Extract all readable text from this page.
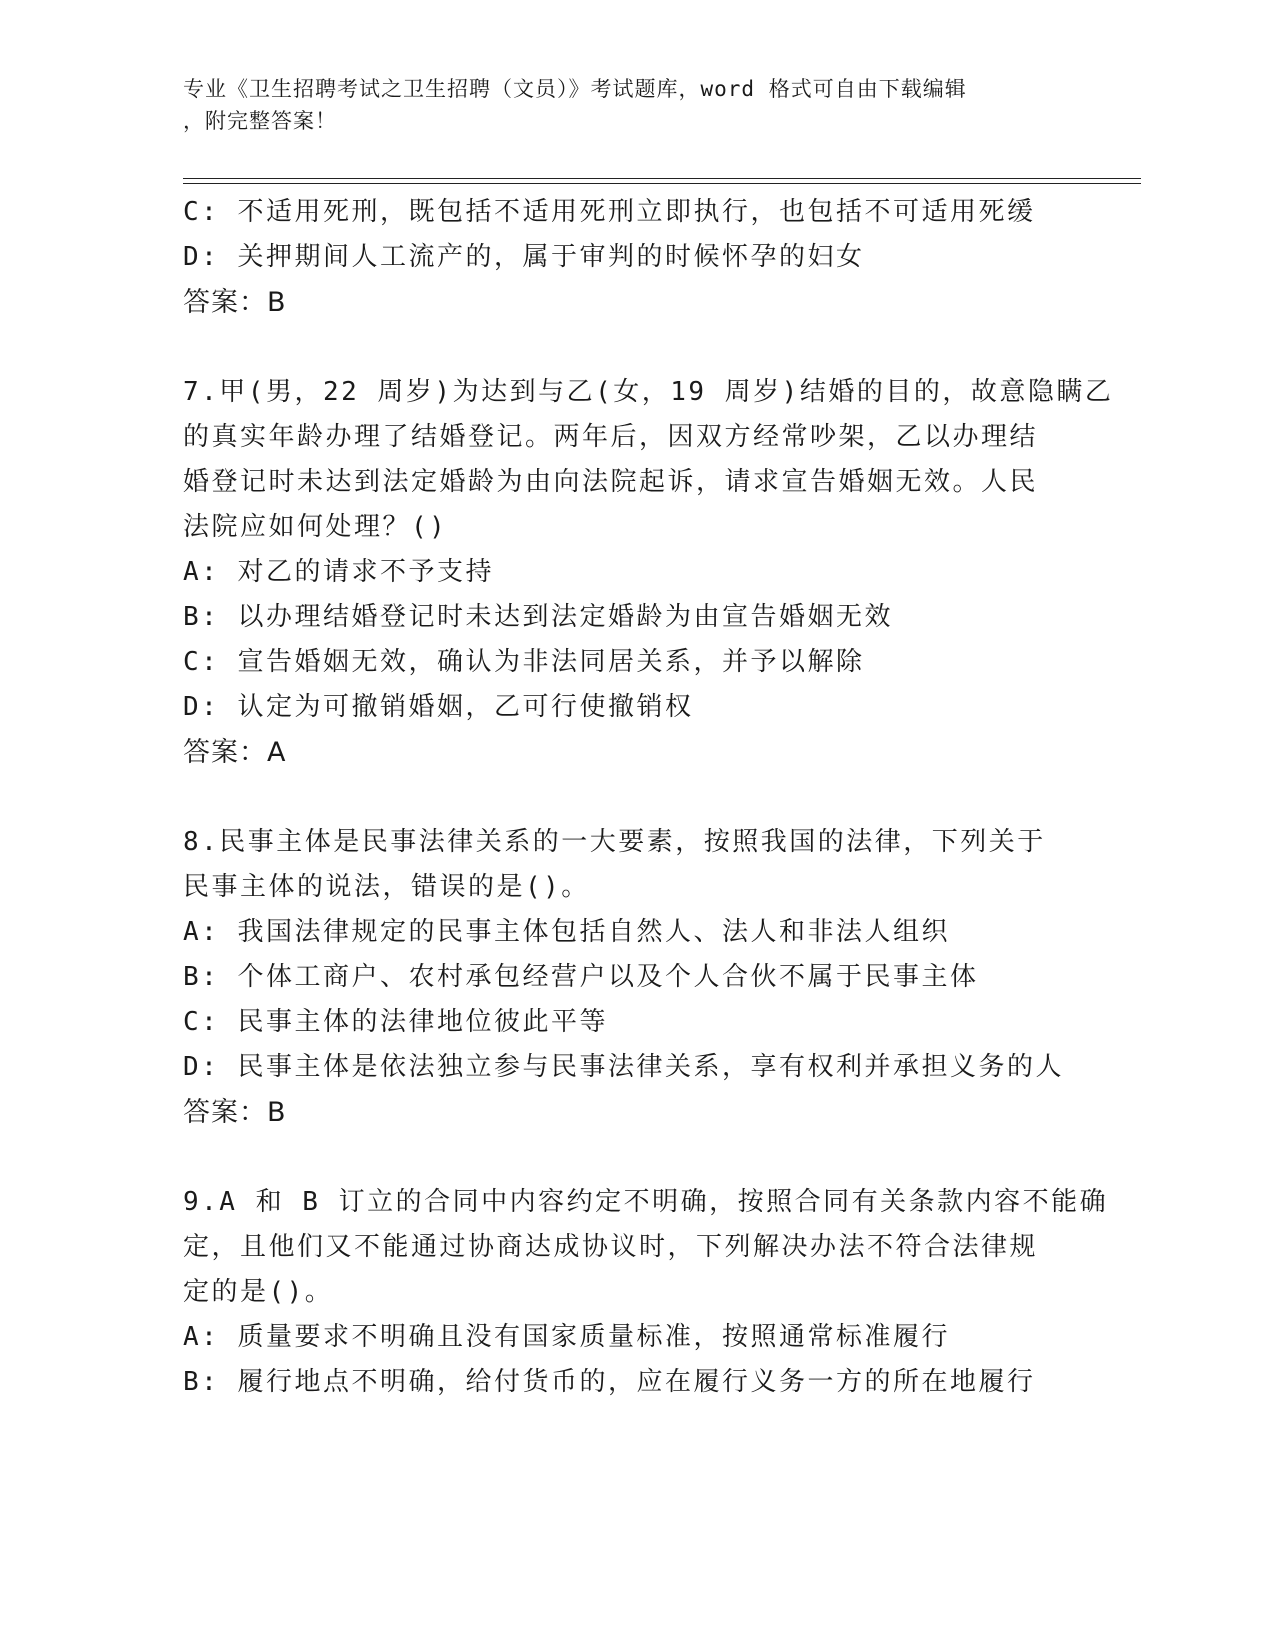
专业《卫生招聘考试之卫生招聘（文员）》考试题库，word 格式可自由下载编辑
，附完整答案！
C: 不适用死刑，既包括不适用死刑立即执行，也包括不可适用死缓
D: 关押期间人工流产的，属于审判的时候怀孕的妇女
答案：B
7.甲(男，22 周岁)为达到与乙(女，19 周岁)结婚的目的，故意隐瞒乙
的真实年龄办理了结婚登记。两年后，因双方经常吵架，乙以办理结
婚登记时未达到法定婚龄为由向法院起诉，请求宣告婚姻无效。人民
法院应如何处理？()
A: 对乙的请求不予支持
B: 以办理结婚登记时未达到法定婚龄为由宣告婚姻无效
C: 宣告婚姻无效，确认为非法同居关系，并予以解除
D: 认定为可撤销婚姻，乙可行使撤销权
答案：A
8.民事主体是民事法律关系的一大要素，按照我国的法律，下列关于
民事主体的说法，错误的是()。
A: 我国法律规定的民事主体包括自然人、法人和非法人组织
B: 个体工商户、农村承包经营户以及个人合伙不属于民事主体
C: 民事主体的法律地位彼此平等
D: 民事主体是依法独立参与民事法律关系，享有权利并承担义务的人
答案：B
9.A 和 B 订立的合同中内容约定不明确，按照合同有关条款内容不能确
定，且他们又不能通过协商达成协议时，下列解决办法不符合法律规
定的是()。
A: 质量要求不明确且没有国家质量标准，按照通常标准履行
B: 履行地点不明确，给付货币的，应在履行义务一方的所在地履行
